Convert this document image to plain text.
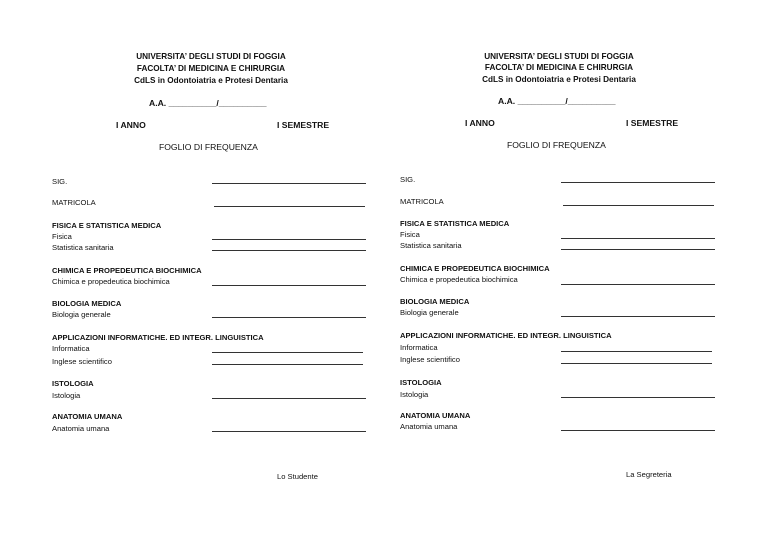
UNIVERSITA’ DEGLI STUDI DI FOGGIA
FACOLTA’ DI MEDICINA E CHIRURGIA
CdLS in Odontoiatria e Protesi Dentaria
A.A. __________/__________
I ANNO	I SEMESTRE
FOGLIO DI FREQUENZA
SIG.
MATRICOLA
FISICA E STATISTICA MEDICA
Fisica
Statistica sanitaria
CHIMICA E PROPEDEUTICA BIOCHIMICA
Chimica e propedeutica biochimica
BIOLOGIA MEDICA
Biologia generale
APPLICAZIONI INFORMATICHE. ED INTEGR. LINGUISTICA
Informatica
Inglese scientifico
ISTOLOGIA
Istologia
ANATOMIA UMANA
Anatomia umana
Lo Studente
UNIVERSITA’ DEGLI STUDI DI FOGGIA
FACOLTA’ DI MEDICINA E CHIRURGIA
CdLS in Odontoiatria e Protesi Dentaria
A.A. __________/__________
I ANNO	I SEMESTRE
FOGLIO DI FREQUENZA
SIG.
MATRICOLA
FISICA E STATISTICA MEDICA
Fisica
Statistica sanitaria
CHIMICA E PROPEDEUTICA BIOCHIMICA
Chimica e propedeutica biochimica
BIOLOGIA MEDICA
Biologia generale
APPLICAZIONI INFORMATICHE. ED INTEGR. LINGUISTICA
Informatica
Inglese scientifico
ISTOLOGIA
Istologia
ANATOMIA UMANA
Anatomia umana
La Segreteria
